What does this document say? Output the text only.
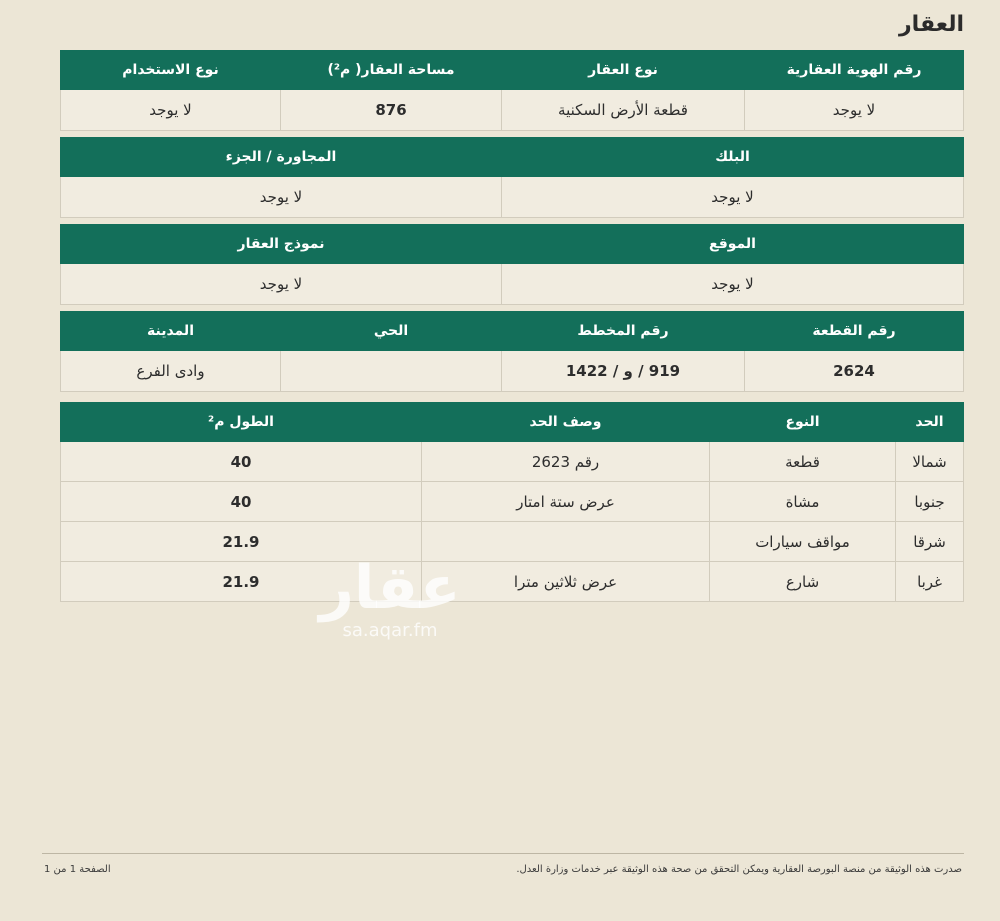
العقار
رقم الهوية العقارية	نوع العقار	مساحة العقار( م²)	نوع الاستخدام
لا يوجد	قطعة الأرض السكنية	876	لا يوجد

البلك		المجاورة / الجزء	
لا يوجد		لا يوجد	

الموقع		نموذج العقار	
لا يوجد		لا يوجد	

رقم القطعة	رقم المخطط	الحي	المدينة
2624	919 / و / 1422		وادى الفرع
الحد	النوع	وصف الحد	الطول م²
شمالا	قطعة	رقم 2623	40
جنوبا	مشاة	عرض ستة امتار	40
شرقا	مواقف سيارات		21.9
غربا	شارع	عرض ثلاثين مترا	21.9 عقار
sa.aqar.fm
صدرت هذه الوثيقة من منصة البورصة العقارية ويمكن التحقق من صحة هذه الوثيقة عبر خدمات وزارة العدل.
الصفحة 1 من 1
